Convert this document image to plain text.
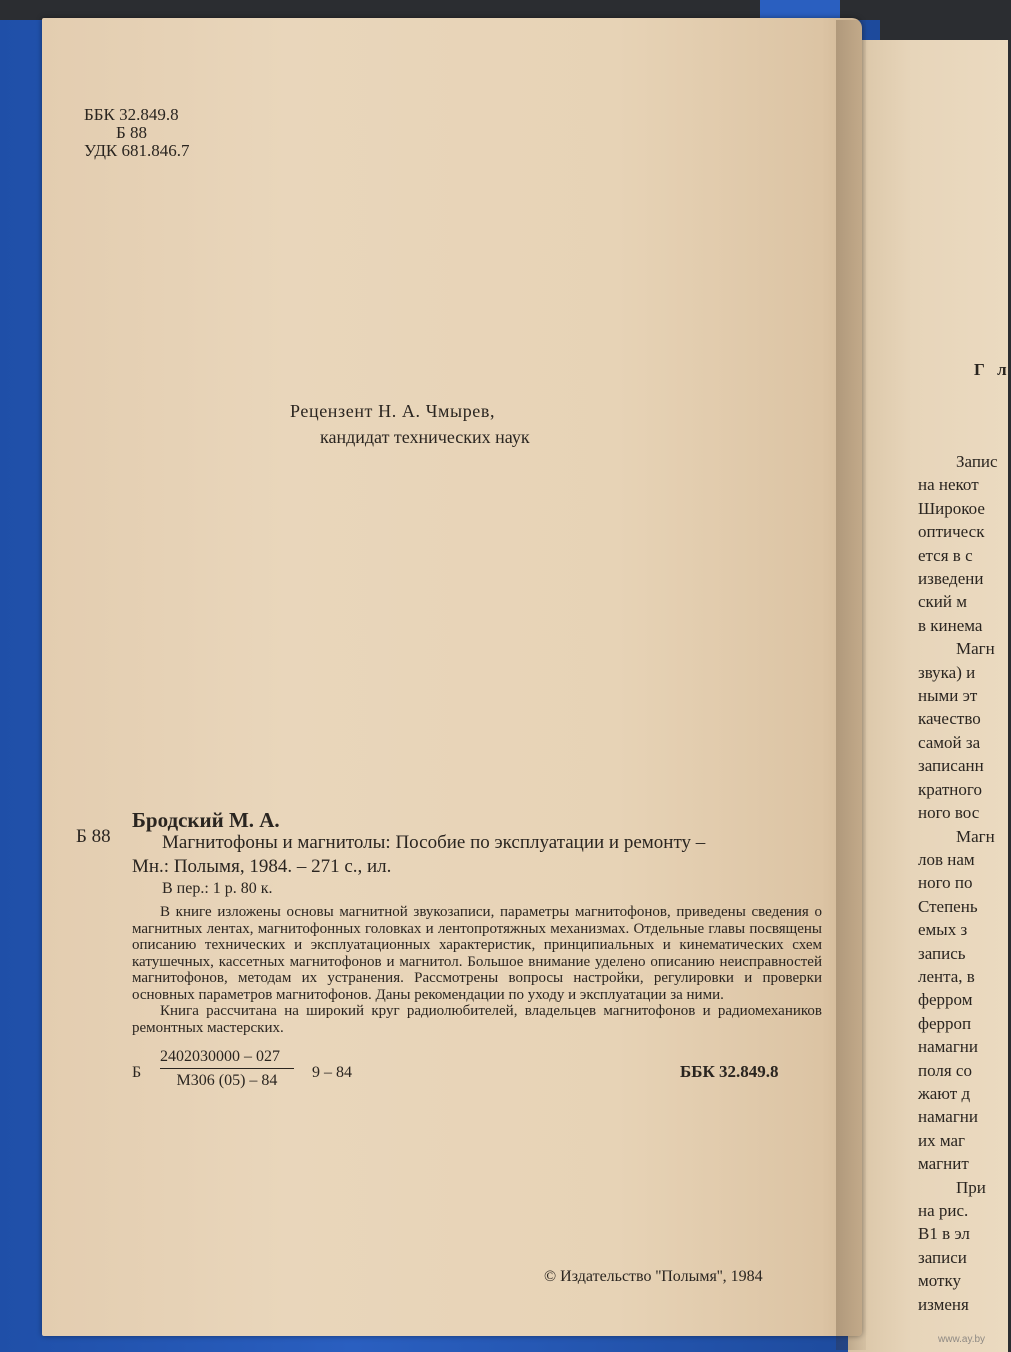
ББК 32.849.8
Б 88
УДК 681.846.7
Рецензент Н. А. Чмырев,
кандидат технических наук
Бродский М. А.
Б 88	Магнитофоны и магнитолы: Пособие по эксплуатации и ремонту –
Мн.: Полымя, 1984. – 271 с., ил.
В пер.: 1 р. 80 к.

В книге изложены основы магнитной звукозаписи, параметры магнитофонов, приведены сведения о магнитных лентах, магнитофонных головках и лентопротяжных механизмах. Отдельные главы посвящены описанию технических и эксплуатационных характеристик, принципиальных и кинематических схем катушечных, кассетных магнитофонов и магнитол. Большое внимание уделено описанию неисправностей магнитофонов, методам их устранения. Рассмотрены вопросы настройки, регулировки и проверки основных параметров магнитофонов. Даны рекомендации по уходу и эксплуатации за ними.

Книга рассчитана на широкий круг радиолюбителей, владельцев магнитофонов и радиомехаников ремонтных мастерских.

Б
2402030000 – 027
М306 (05) – 84	9 – 84	ББК 32.849.8
© Издательство ''Полымя'', 1984
Г л
Запис
на некот
Широкое
оптическ
ется в с
изведени
ский м
в кинема
Магн
звука) и
ными эт
качество
самой за
записанн
кратного
ного вос
Магн
лов нам
ного по
Степень
емых з
запись
лента, в
ферром
ферроп
намагни
поля со
жают д
намагни
их маг
магнит
При
на рис.
В1 в эл
записи
мотку
изменя
www.ay.by
